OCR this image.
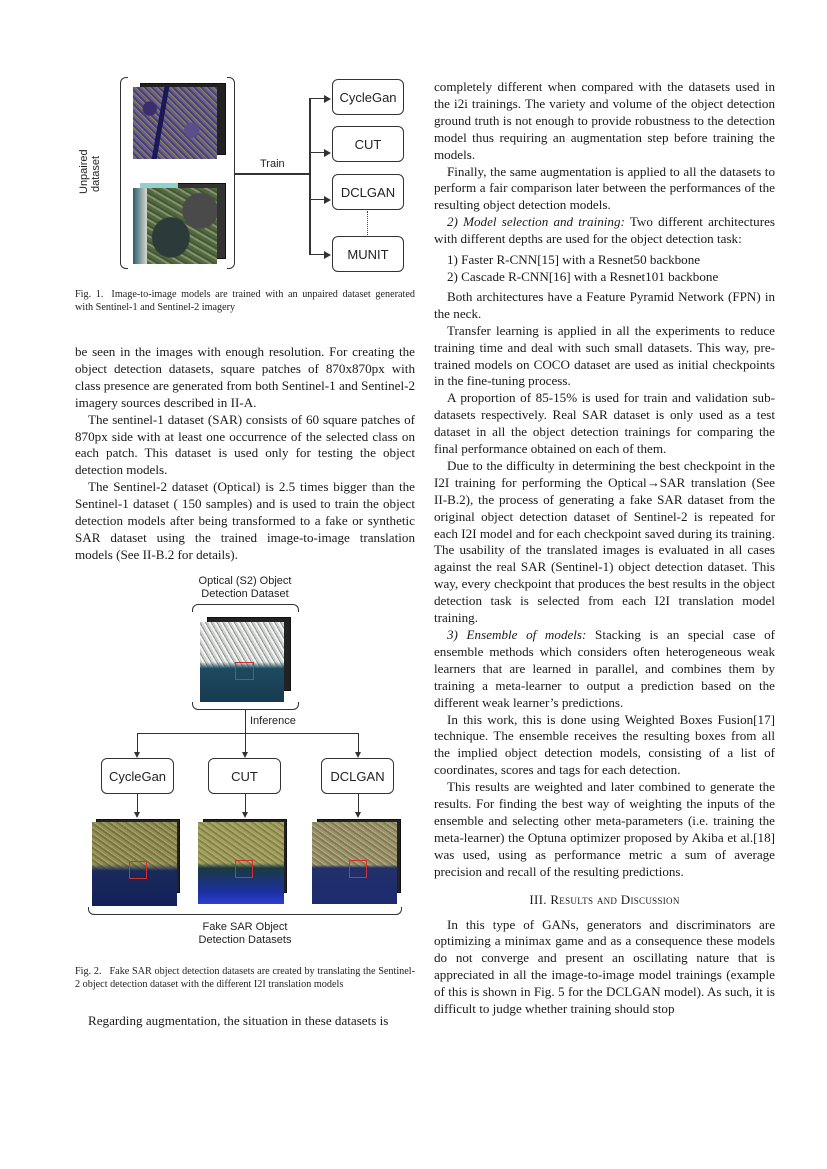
Unpaired dataset	Train
CycleGan
CUT
DCLGAN
MUNIT
Fig. 1. Image-to-image models are trained with an unpaired dataset generated with Sentinel-1 and Sentinel-2 imagery

be seen in the images with enough resolution. For creating the object detection datasets, square patches of 870x870px with class presence are generated from both Sentinel-1 and Sentinel-2 imagery sources described in II-A.

The sentinel-1 dataset (SAR) consists of 60 square patches of 870px side with at least one occurrence of the selected class on each patch. This dataset is used only for testing the object detection models.

The Sentinel-2 dataset (Optical) is 2.5 times bigger than the Sentinel-1 dataset ( 150 samples) and is used to train the object detection models after being transformed to a fake or synthetic SAR dataset using the trained image-to-image translation models (See II-B.2 for details).

Optical (S2) Object
Detection Dataset
Inference
CycleGan	CUT	DCLGAN
Fake SAR Object
Detection Datasets
Fig. 2. Fake SAR object detection datasets are created by translating the Sentinel-2 object detection dataset with the different I2I translation models

Regarding augmentation, the situation in these datasets is

completely different when compared with the datasets used in the i2i trainings. The variety and volume of the object detection ground truth is not enough to provide robustness to the detection model thus requiring an augmentation step before training the models.

Finally, the same augmentation is applied to all the datasets to perform a fair comparison later between the performances of the resulting object detection models.

2) Model selection and training: Two different architectures with different depths are used for the object detection task:

1) Faster R-CNN[15] with a Resnet50 backbone
2) Cascade R-CNN[16] with a Resnet101 backbone

Both architectures have a Feature Pyramid Network (FPN) in the neck.

Transfer learning is applied in all the experiments to reduce training time and deal with such small datasets. This way, pre-trained models on COCO dataset are used as initial checkpoints in the fine-tuning process.

A proportion of 85-15% is used for train and validation sub-datasets respectively. Real SAR dataset is only used as a test dataset in all the object detection trainings for comparing the final performance obtained on each of them.

Due to the difficulty in determining the best checkpoint in the I2I training for performing the Optical→SAR translation (See II-B.2), the process of generating a fake SAR dataset from the original object detection dataset of Sentinel-2 is repeated for each I2I model and for each checkpoint saved during its training. The usability of the translated images is evaluated in all cases against the real SAR (Sentinel-1) object detection dataset. This way, every checkpoint that produces the best results in the object detection task is selected from each I2I translation model training.

3) Ensemble of models: Stacking is an special case of ensemble methods which considers often heterogeneous weak learners that are learned in parallel, and combines them by training a meta-learner to output a prediction based on the different weak learner’s predictions.

In this work, this is done using Weighted Boxes Fusion[17] technique. The ensemble receives the resulting boxes from all the implied object detection models, consisting of a list of coordinates, scores and tags for each detection.

This results are weighted and later combined to generate the results. For finding the best way of weighting the inputs of the ensemble and selecting other meta-parameters (i.e. training the meta-learner) the Optuna optimizer proposed by Akiba et al.[18] was used, using as performance metric a sum of average precision and recall of the resulting predictions.

III. Results and Discussion

In this type of GANs, generators and discriminators are optimizing a minimax game and as a consequence these models do not converge and present an oscillating nature that is appreciated in all the image-to-image model trainings (example of this is shown in Fig. 5 for the DCLGAN model). As such, it is difficult to judge whether training should stop
